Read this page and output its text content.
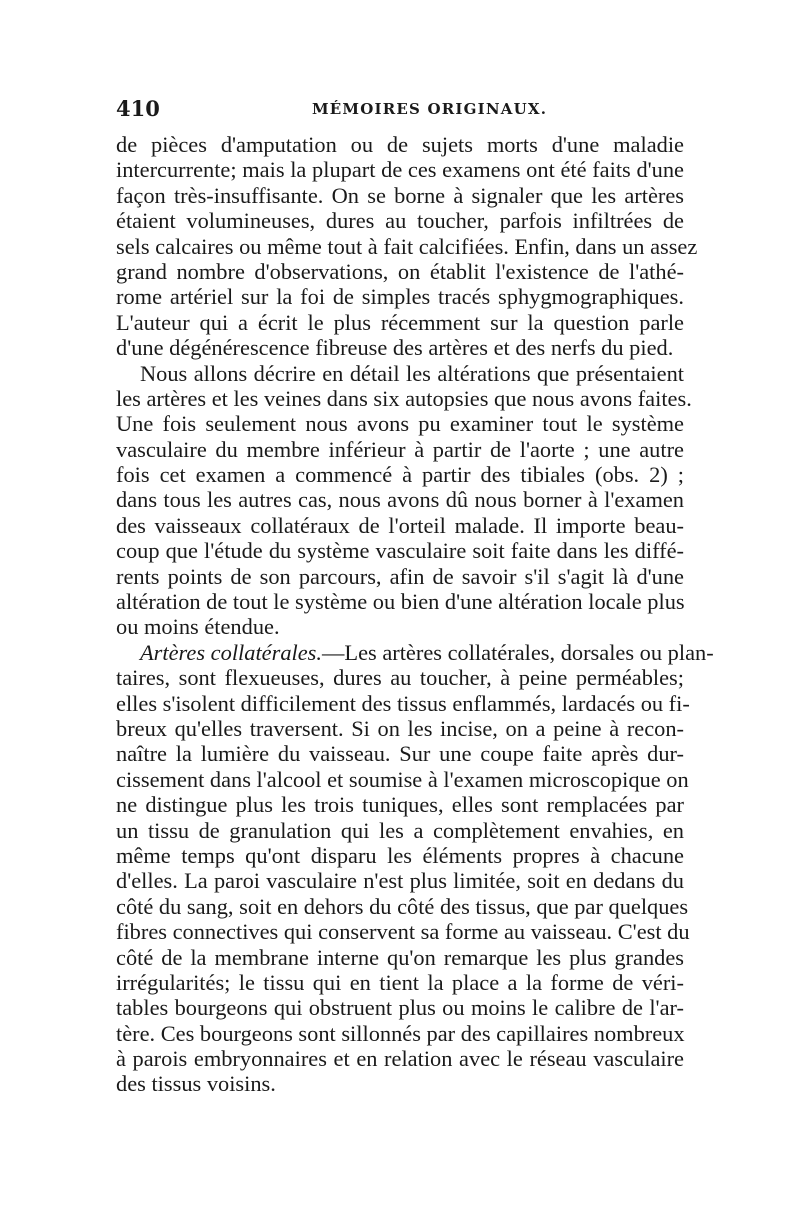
410	MÉMOIRES ORIGINAUX.
de pièces d'amputation ou de sujets morts d'une maladie
intercurrente; mais la plupart de ces examens ont été faits d'une
façon très-insuffisante. On se borne à signaler que les artères
étaient volumineuses, dures au toucher, parfois infiltrées de
sels calcaires ou même tout à fait calcifiées. Enfin, dans un assez
grand nombre d'observations, on établit l'existence de l'athé-
rome artériel sur la foi de simples tracés sphygmographiques.
L'auteur qui a écrit le plus récemment sur la question parle
d'une dégénérescence fibreuse des artères et des nerfs du pied.
Nous allons décrire en détail les altérations que présentaient
les artères et les veines dans six autopsies que nous avons faites.
Une fois seulement nous avons pu examiner tout le système
vasculaire du membre inférieur à partir de l'aorte ; une autre
fois cet examen a commencé à partir des tibiales (obs. 2) ;
dans tous les autres cas, nous avons dû nous borner à l'examen
des vaisseaux collatéraux de l'orteil malade. Il importe beau-
coup que l'étude du système vasculaire soit faite dans les diffé-
rents points de son parcours, afin de savoir s'il s'agit là d'une
altération de tout le système ou bien d'une altération locale plus
ou moins étendue.
Artères collatérales.—Les artères collatérales, dorsales ou plan-
taires, sont flexueuses, dures au toucher, à peine perméables;
elles s'isolent difficilement des tissus enflammés, lardacés ou fi-
breux qu'elles traversent. Si on les incise, on a peine à recon-
naître la lumière du vaisseau. Sur une coupe faite après dur-
cissement dans l'alcool et soumise à l'examen microscopique on
ne distingue plus les trois tuniques, elles sont remplacées par
un tissu de granulation qui les a complètement envahies, en
même temps qu'ont disparu les éléments propres à chacune
d'elles. La paroi vasculaire n'est plus limitée, soit en dedans du
côté du sang, soit en dehors du côté des tissus, que par quelques
fibres connectives qui conservent sa forme au vaisseau. C'est du
côté de la membrane interne qu'on remarque les plus grandes
irrégularités; le tissu qui en tient la place a la forme de véri-
tables bourgeons qui obstruent plus ou moins le calibre de l'ar-
tère. Ces bourgeons sont sillonnés par des capillaires nombreux
à parois embryonnaires et en relation avec le réseau vasculaire
des tissus voisins.
